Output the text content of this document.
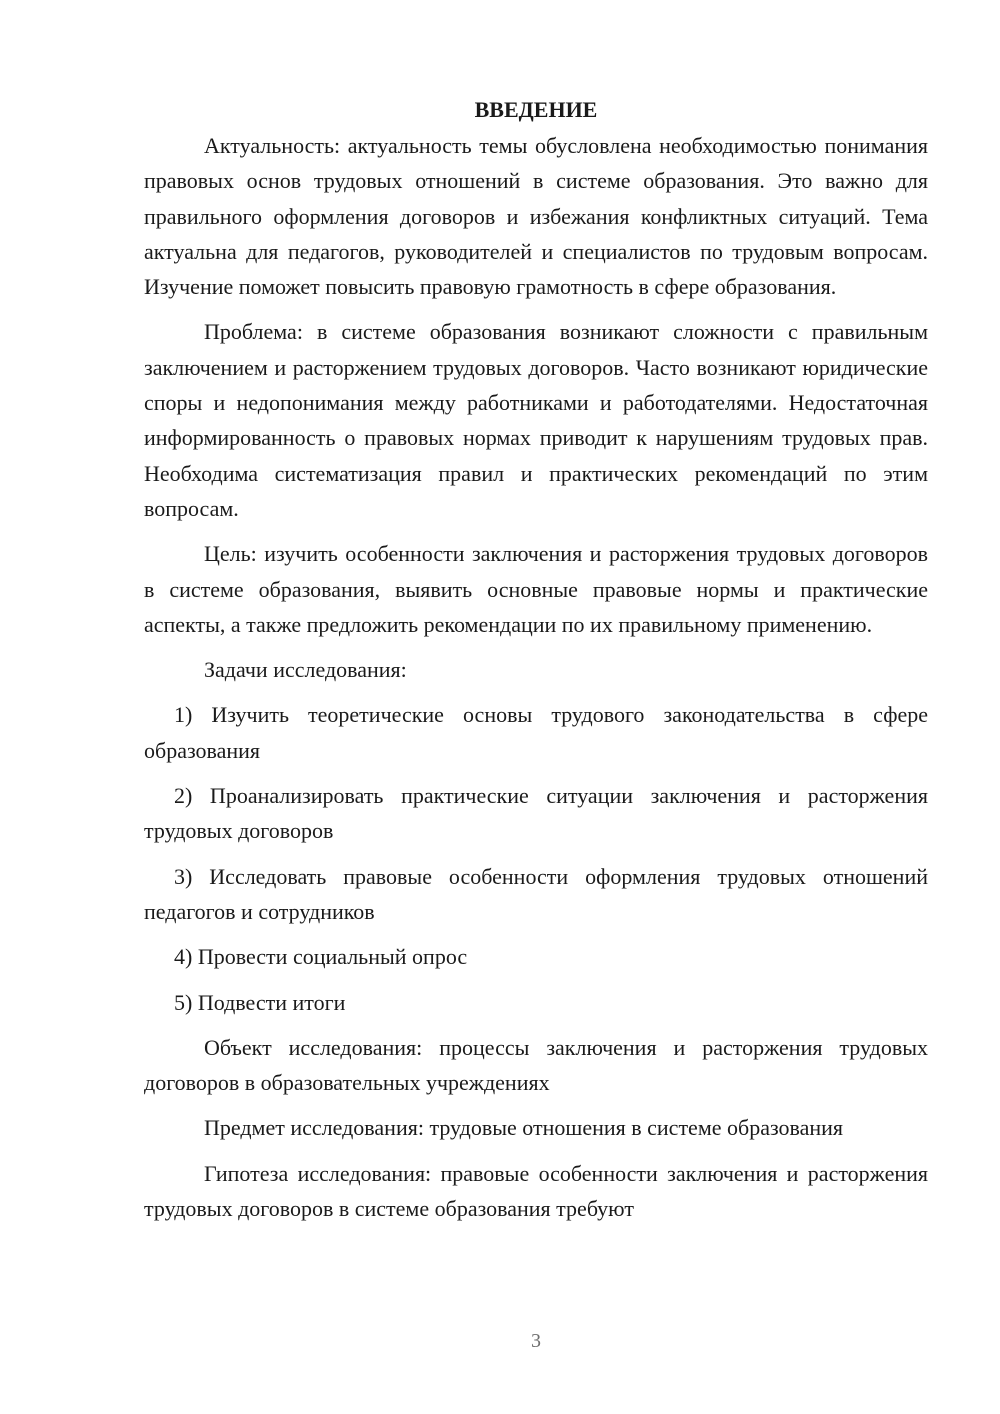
ВВЕДЕНИЕ

Актуальность: актуальность темы обусловлена необходимостью понимания правовых основ трудовых отношений в системе образования. Это важно для правильного оформления договоров и избежания конфликтных ситуаций. Тема актуальна для педагогов, руководителей и специалистов по трудовым вопросам. Изучение поможет повысить правовую грамотность в сфере образования.

Проблема: в системе образования возникают сложности с правильным заключением и расторжением трудовых договоров. Часто возникают юридические споры и недопонимания между работниками и работодателями. Недостаточная информированность о правовых нормах приводит к нарушениям трудовых прав. Необходима систематизация правил и практических рекомендаций по этим вопросам.

Цель: изучить особенности заключения и расторжения трудовых договоров в системе образования, выявить основные правовые нормы и практические аспекты, а также предложить рекомендации по их правильному применению.

Задачи исследования:

1) Изучить теоретические основы трудового законодательства в сфере образования

2) Проанализировать практические ситуации заключения и расторжения трудовых договоров

3) Исследовать правовые особенности оформления трудовых отношений педагогов и сотрудников

4) Провести социальный опрос

5) Подвести итоги

Объект исследования: процессы заключения и расторжения трудовых договоров в образовательных учреждениях

Предмет исследования: трудовые отношения в системе образования

Гипотеза исследования: правовые особенности заключения и расторжения трудовых договоров в системе образования требуют

3
